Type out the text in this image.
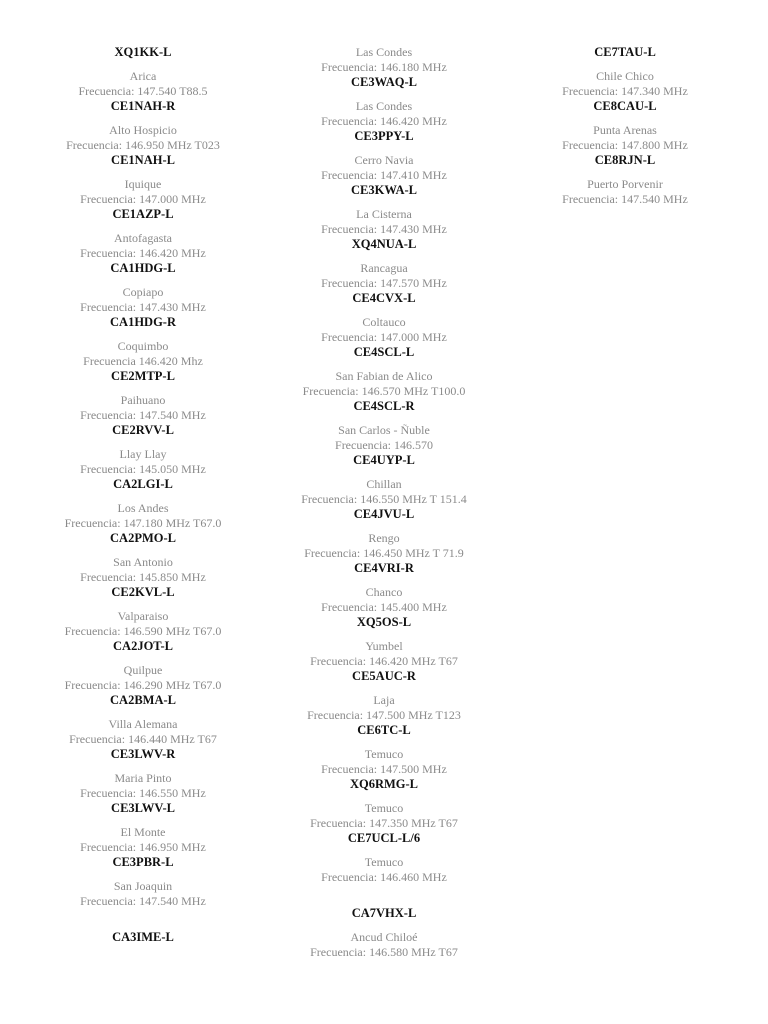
XQ1KK-L
Arica
Frecuencia: 147.540 T88.5
CE1NAH-R
Alto Hospicio
Frecuencia: 146.950 MHz T023
CE1NAH-L
Iquique
Frecuencia: 147.000 MHz
CE1AZP-L
Antofagasta
Frecuencia: 146.420 MHz
CA1HDG-L
Copiapo
Frecuencia: 147.430 MHz
CA1HDG-R
Coquimbo
Frecuencia 146.420 Mhz
CE2MTP-L
Paihuano
Frecuencia: 147.540 MHz
CE2RVV-L
Llay Llay
Frecuencia: 145.050 MHz
CA2LGI-L
Los Andes
Frecuencia: 147.180 MHz T67.0
CA2PMO-L
San Antonio
Frecuencia: 145.850 MHz
CE2KVL-L
Valparaiso
Frecuencia: 146.590 MHz T67.0
CA2JOT-L
Quilpue
Frecuencia: 146.290 MHz T67.0
CA2BMA-L
Villa Alemana
Frecuencia: 146.440 MHz T67
CE3LWV-R
Maria Pinto
Frecuencia: 146.550 MHz
CE3LWV-L
El Monte
Frecuencia: 146.950 MHz
CE3PBR-L
San Joaquin
Frecuencia: 147.540 MHz
CA3IME-L
Las Condes
Frecuencia: 146.180 MHz
CE3WAQ-L
Las Condes
Frecuencia: 146.420 MHz
CE3PPY-L
Cerro Navia
Frecuencia: 147.410 MHz
CE3KWA-L
La Cisterna
Frecuencia: 147.430 MHz
XQ4NUA-L
Rancagua
Frecuencia: 147.570 MHz
CE4CVX-L
Coltauco
Frecuencia: 147.000 MHz
CE4SCL-L
San Fabian de Alico
Frecuencia: 146.570 MHz T100.0
CE4SCL-R
San Carlos - Ñuble
Frecuencia: 146.570
CE4UYP-L
Chillan
Frecuencia: 146.550 MHz T 151.4
CE4JVU-L
Rengo
Frecuencia: 146.450 MHz T 71.9
CE4VRI-R
Chanco
Frecuencia: 145.400 MHz
XQ5OS-L
Yumbel
Frecuencia: 146.420 MHz T67
CE5AUC-R
Laja
Frecuencia: 147.500 MHz T123
CE6TC-L
Temuco
Frecuencia: 147.500 MHz
XQ6RMG-L
Temuco
Frecuencia: 147.350 MHz T67
CE7UCL-L/6
Temuco
Frecuencia: 146.460 MHz
CA7VHX-L
Ancud Chiloé
Frecuencia: 146.580 MHz T67
CE7TAU-L
Chile Chico
Frecuencia: 147.340 MHz
CE8CAU-L
Punta Arenas
Frecuencia: 147.800 MHz
CE8RJN-L
Puerto Porvenir
Frecuencia: 147.540 MHz
